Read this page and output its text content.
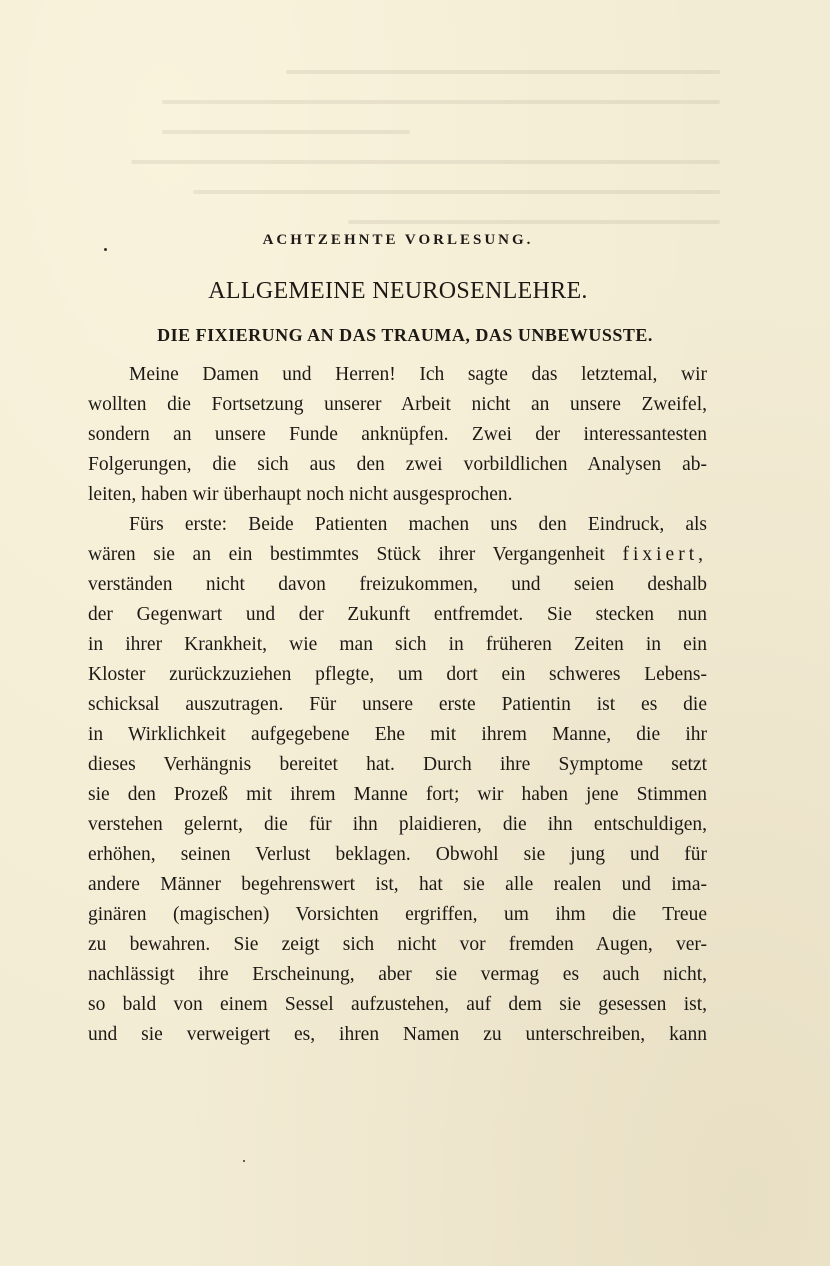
ACHTZEHNTE VORLESUNG.
ALLGEMEINE NEUROSENLEHRE.
DIE FIXIERUNG AN DAS TRAUMA, DAS UNBEWUSSTE.
Meine Damen und Herren! Ich sagte das letztemal, wir
wollten die Fortsetzung unserer Arbeit nicht an unsere Zweifel,
sondern an unsere Funde anknüpfen. Zwei der interessantesten
Folgerungen, die sich aus den zwei vorbildlichen Analysen ab-
leiten, haben wir überhaupt noch nicht ausgesprochen.
Fürs erste: Beide Patienten machen uns den Eindruck, als
wären sie an ein bestimmtes Stück ihrer Vergangenheit fixiert,
verständen nicht davon freizukommen, und seien deshalb
der Gegenwart und der Zukunft entfremdet. Sie stecken nun
in ihrer Krankheit, wie man sich in früheren Zeiten in ein
Kloster zurückzuziehen pflegte, um dort ein schweres Lebens-
schicksal auszutragen. Für unsere erste Patientin ist es die
in Wirklichkeit aufgegebene Ehe mit ihrem Manne, die ihr
dieses Verhängnis bereitet hat. Durch ihre Symptome setzt
sie den Prozeß mit ihrem Manne fort; wir haben jene Stimmen
verstehen gelernt, die für ihn plaidieren, die ihn entschuldigen,
erhöhen, seinen Verlust beklagen. Obwohl sie jung und für
andere Männer begehrenswert ist, hat sie alle realen und ima-
ginären (magischen) Vorsichten ergriffen, um ihm die Treue
zu bewahren. Sie zeigt sich nicht vor fremden Augen, ver-
nachlässigt ihre Erscheinung, aber sie vermag es auch nicht,
so bald von einem Sessel aufzustehen, auf dem sie gesessen ist,
und sie verweigert es, ihren Namen zu unterschreiben, kann
